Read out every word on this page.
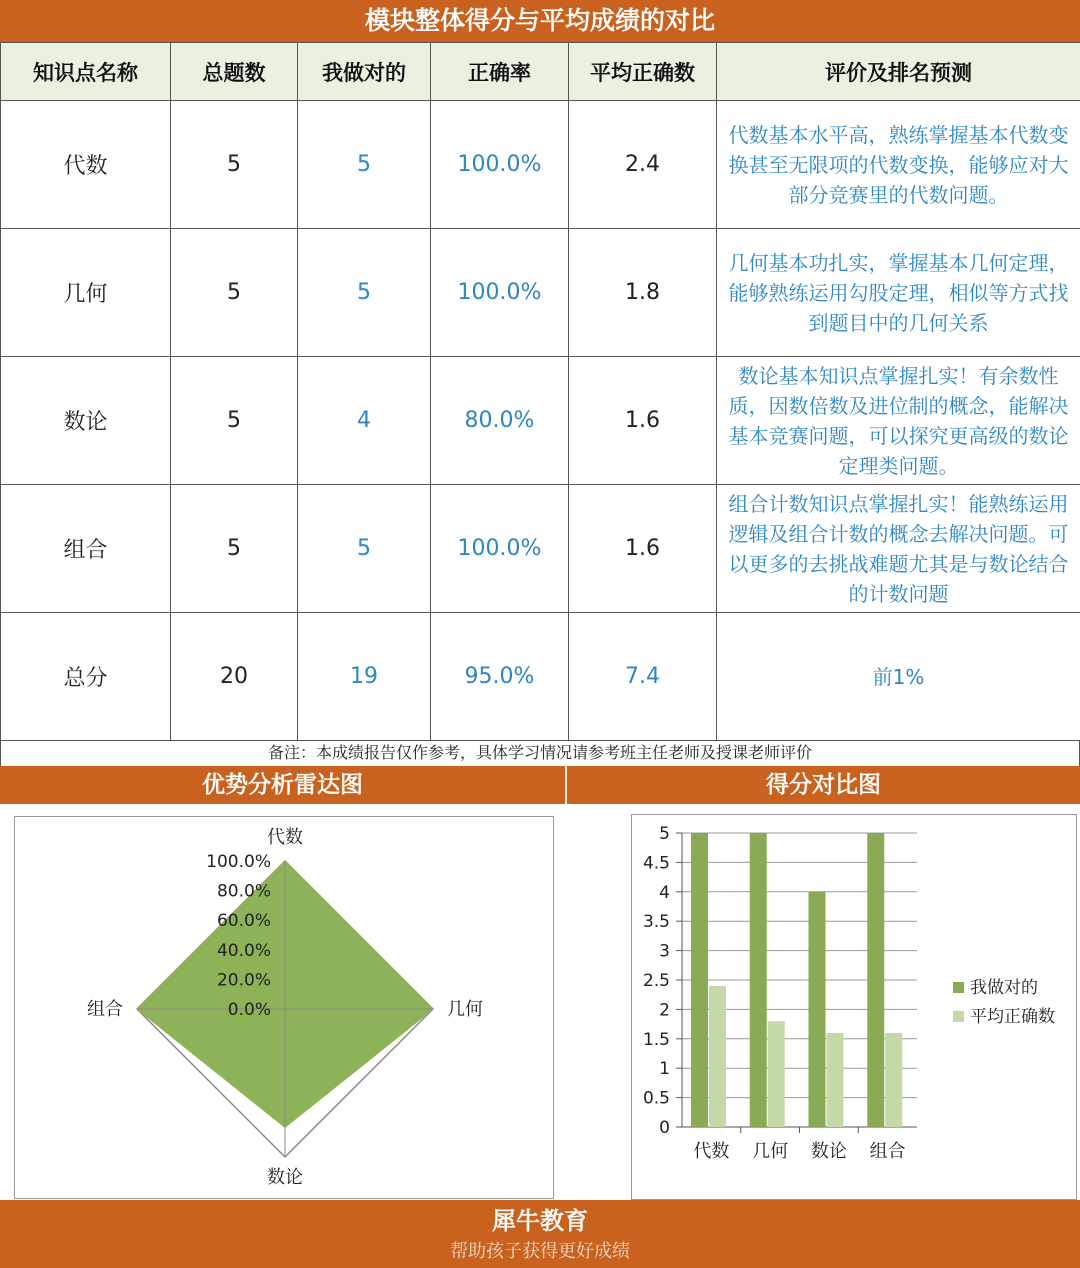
模块整体得分与平均成绩的对比
知识点名称	总题数	我做对的	正确率	平均正确数	评价及排名预测
代数	5	5	100.0%	2.4	代数基本水平高，熟练掌握基本代数变换甚至无限项的代数变换，能够应对大部分竞赛里的代数问题。
几何	5	5	100.0%	1.8	几何基本功扎实，掌握基本几何定理，能够熟练运用勾股定理，相似等方式找到题目中的几何关系
数论	5	4	80.0%	1.6	数论基本知识点掌握扎实！有余数性质，因数倍数及进位制的概念，能解决基本竞赛问题，可以探究更高级的数论定理类问题。
组合	5	5	100.0%	1.6	组合计数知识点掌握扎实！能熟练运用逻辑及组合计数的概念去解决问题。可以更多的去挑战难题尤其是与数论结合的计数问题
总分	20	19	95.0%	7.4	前1%
备注：本成绩报告仅作参考，具体学习情况请参考班主任老师及授课老师评价
优势分析雷达图	得分对比图
0.0%
20.0%
40.0%
60.0%
80.0%
100.0%
代数
几何
数论
组合
0
0.5
1
1.5
2
2.5
3
3.5
4
4.5
5
代数 几何 数论 组合
我做对的
平均正确数
犀牛教育
帮助孩子获得更好成绩
